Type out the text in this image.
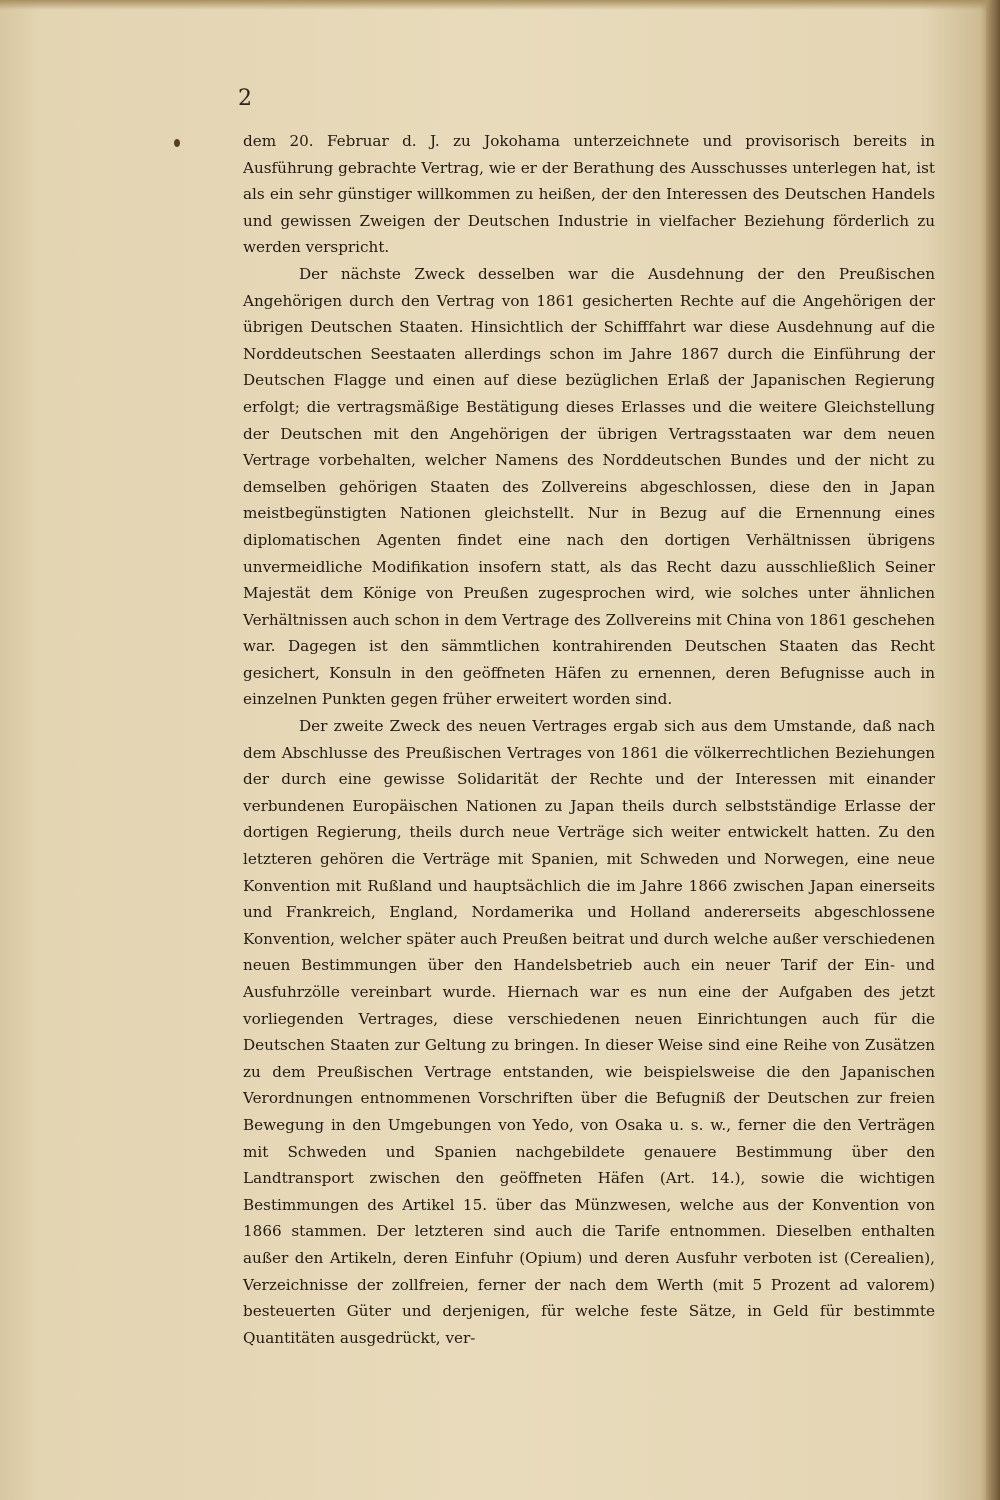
2

dem 20. Februar d. J. zu Jokohama unterzeichnete und provisorisch bereits in Ausführung gebrachte Vertrag, wie er der Berathung des Ausschusses unterlegen hat, ist als ein sehr günstiger willkommen zu heißen, der den Interessen des Deutschen Handels und gewissen Zweigen der Deutschen Industrie in vielfacher Beziehung förderlich zu werden verspricht.

Der nächste Zweck desselben war die Ausdehnung der den Preußischen Angehörigen durch den Vertrag von 1861 gesicherten Rechte auf die Angehörigen der übrigen Deutschen Staaten. Hinsichtlich der Schifffahrt war diese Ausdehnung auf die Norddeutschen Seestaaten allerdings schon im Jahre 1867 durch die Einführung der Deutschen Flagge und einen auf diese bezüglichen Erlaß der Japanischen Regierung erfolgt; die vertragsmäßige Bestätigung dieses Erlasses und die weitere Gleichstellung der Deutschen mit den Angehörigen der übrigen Vertragsstaaten war dem neuen Vertrage vorbehalten, welcher Namens des Norddeutschen Bundes und der nicht zu demselben gehörigen Staaten des Zollvereins abgeschlossen, diese den in Japan meistbegünstigten Nationen gleichstellt. Nur in Bezug auf die Ernennung eines diplomatischen Agenten findet eine nach den dortigen Verhältnissen übrigens unvermeidliche Modifikation insofern statt, als das Recht dazu ausschließlich Seiner Majestät dem Könige von Preußen zugesprochen wird, wie solches unter ähnlichen Verhältnissen auch schon in dem Vertrage des Zollvereins mit China von 1861 geschehen war. Dagegen ist den sämmtlichen kontrahirenden Deutschen Staaten das Recht gesichert, Konsuln in den geöffneten Häfen zu ernennen, deren Befugnisse auch in einzelnen Punkten gegen früher erweitert worden sind.

Der zweite Zweck des neuen Vertrages ergab sich aus dem Umstande, daß nach dem Abschlusse des Preußischen Vertrages von 1861 die völkerrechtlichen Beziehungen der durch eine gewisse Solidarität der Rechte und der Interessen mit einander verbundenen Europäischen Nationen zu Japan theils durch selbstständige Erlasse der dortigen Regierung, theils durch neue Verträge sich weiter entwickelt hatten. Zu den letzteren gehören die Verträge mit Spanien, mit Schweden und Norwegen, eine neue Konvention mit Rußland und hauptsächlich die im Jahre 1866 zwischen Japan einerseits und Frankreich, England, Nordamerika und Holland andererseits abgeschlossene Konvention, welcher später auch Preußen beitrat und durch welche außer verschiedenen neuen Bestimmungen über den Handelsbetrieb auch ein neuer Tarif der Ein- und Ausfuhrzölle vereinbart wurde. Hiernach war es nun eine der Aufgaben des jetzt vorliegenden Vertrages, diese verschiedenen neuen Einrichtungen auch für die Deutschen Staaten zur Geltung zu bringen. In dieser Weise sind eine Reihe von Zusätzen zu dem Preußischen Vertrage entstanden, wie beispielsweise die den Japanischen Verordnungen entnommenen Vorschriften über die Befugniß der Deutschen zur freien Bewegung in den Umgebungen von Yedo, von Osaka u. s. w., ferner die den Verträgen mit Schweden und Spanien nachgebildete genauere Bestimmung über den Landtransport zwischen den geöffneten Häfen (Art. 14.), sowie die wichtigen Bestimmungen des Artikel 15. über das Münzwesen, welche aus der Konvention von 1866 stammen. Der letzteren sind auch die Tarife entnommen. Dieselben enthalten außer den Artikeln, deren Einfuhr (Opium) und deren Ausfuhr verboten ist (Cerealien), Verzeichnisse der zollfreien, ferner der nach dem Werth (mit 5 Prozent ad valorem) besteuerten Güter und derjenigen, für welche feste Sätze, in Geld für bestimmte Quantitäten ausgedrückt, ver-
